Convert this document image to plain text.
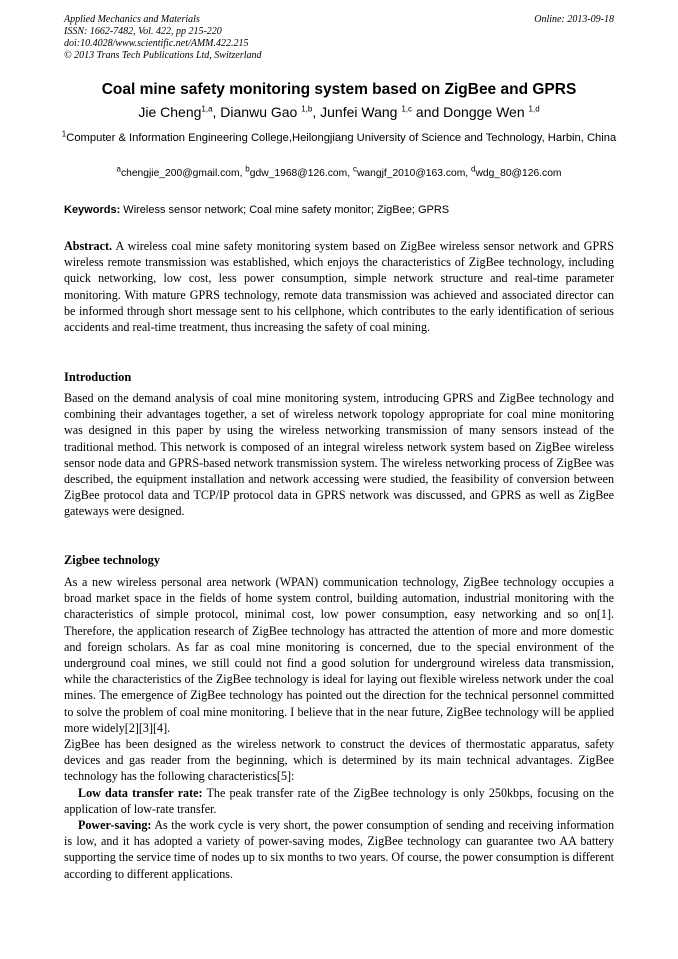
Applied Mechanics and Materials
ISSN: 1662-7482, Vol. 422, pp 215-220
doi:10.4028/www.scientific.net/AMM.422.215
© 2013 Trans Tech Publications Ltd, Switzerland
Online: 2013-09-18
Coal mine safety monitoring system based on ZigBee and GPRS
Jie Cheng$^{1,a}$, Dianwu Gao $^{1,b}$, Junfei Wang $^{1,c}$ and Dongge Wen $^{1,d}$
$^1$Computer & Information Engineering College,Heilongjiang University of Science and Technology, Harbin, China
$^a$chengjie_200@gmail.com, $^b$gdw_1968@126.com, $^c$wangjf_2010@163.com, $^d$wdg_80@126.com
Keywords: Wireless sensor network; Coal mine safety monitor; ZigBee; GPRS

Abstract. A wireless coal mine safety monitoring system based on ZigBee wireless sensor network and GPRS wireless remote transmission was established, which enjoys the characteristics of ZigBee technology, including quick networking, low cost, less power consumption, simple network structure and real-time parameter monitoring. With mature GPRS technology, remote data transmission was achieved and associated director can be informed through short message sent to his cellphone, which contributes to the early identification of serious accidents and real-time treatment, thus increasing the safety of coal mining.

Introduction

Based on the demand analysis of coal mine monitoring system, introducing GPRS and ZigBee technology and combining their advantages together, a set of wireless network topology appropriate for coal mine monitoring was designed in this paper by using the wireless networking transmission of many sensors instead of the traditional method. This network is composed of an integral wireless network system based on ZigBee wireless sensor node data and GPRS-based network transmission system. The wireless networking process of ZigBee was described, the equipment installation and network accessing were studied, the feasibility of conversion between ZigBee protocol data and TCP/IP protocol data in GPRS network was discussed, and GPRS as well as ZigBee gateways were designed.

Zigbee technology

As a new wireless personal area network (WPAN) communication technology, ZigBee technology occupies a broad market space in the fields of home system control, building automation, industrial monitoring with the characteristics of simple protocol, minimal cost, low power consumption, easy networking and so on[1]. Therefore, the application research of ZigBee technology has attracted the attention of more and more domestic and foreign scholars. As far as coal mine monitoring is concerned, due to the special environment of the underground coal mines, we still could not find a good solution for underground wireless data transmission, while the characteristics of the ZigBee technology is ideal for laying out flexible wireless network under the coal mines. The emergence of ZigBee technology has pointed out the direction for the technical personnel committed to solve the problem of coal mine monitoring. I believe that in the near future, ZigBee technology will be applied more widely[2][3][4].

ZigBee has been designed as the wireless network to construct the devices of thermostatic apparatus, safety devices and gas reader from the beginning, which is determined by its main technical advantages. ZigBee technology has the following characteristics[5]:

Low data transfer rate: The peak transfer rate of the ZigBee technology is only 250kbps, focusing on the application of low-rate transfer.

Power-saving: As the work cycle is very short, the power consumption of sending and receiving information is low, and it has adopted a variety of power-saving modes, ZigBee technology can guarantee two AA battery supporting the service time of nodes up to six months to two years. Of course, the power consumption is different according to different applications.
